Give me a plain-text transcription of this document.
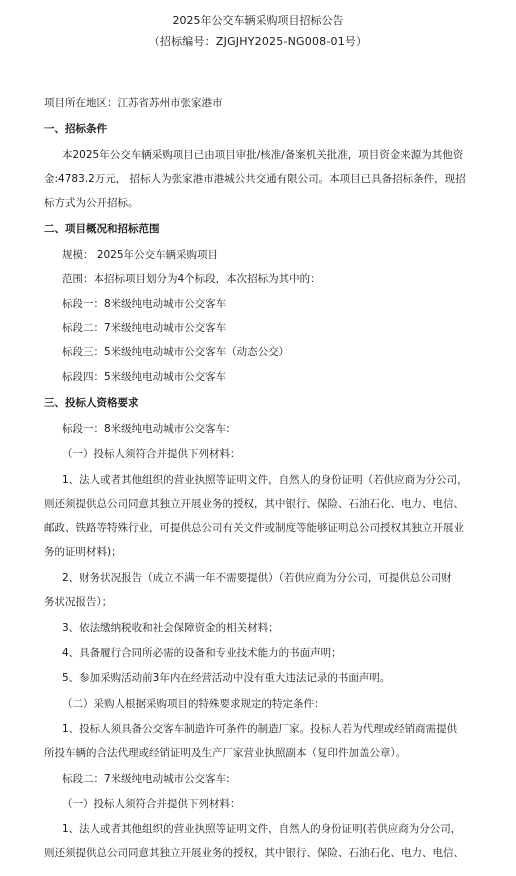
2025年公交车辆采购项目招标公告
（招标编号：ZJGJHY2025-NG008-01号）
项目所在地区：江苏省苏州市张家港市
一、招标条件
本2025年公交车辆采购项目已由项目审批/核准/备案机关批准，项目资金来源为其他资
金:4783.2万元， 招标人为张家港市港城公共交通有限公司。本项目已具备招标条件，现招
标方式为公开招标。
二、项目概况和招标范围
规模： 2025年公交车辆采购项目
范围：本招标项目划分为4个标段，本次招标为其中的：
标段一：8米级纯电动城市公交客车
标段二：7米级纯电动城市公交客车
标段三：5米级纯电动城市公交客车（动态公交）
标段四：5米级纯电动城市公交客车
三、投标人资格要求
标段一：8米级纯电动城市公交客车:
（一）投标人须符合并提供下列材料：
1、法人或者其他组织的营业执照等证明文件，自然人的身份证明（若供应商为分公司，
则还须提供总公司同意其独立开展业务的授权，其中银行、保险、石油石化、电力、电信、
邮政、铁路等特殊行业，可提供总公司有关文件或制度等能够证明总公司授权其独立开展业
务的证明材料)；
2、财务状况报告（成立不满一年不需要提供）（若供应商为分公司，可提供总公司财
务状况报告）；
3、依法缴纳税收和社会保障资金的相关材料；
4、具备履行合同所必需的设备和专业技术能力的书面声明；
5、参加采购活动前3年内在经营活动中没有重大违法记录的书面声明。
（二）采购人根据采购项目的特殊要求规定的特定条件：
1、投标人须具备公交客车制造许可条件的制造厂家。投标人若为代理或经销商需提供
所投车辆的合法代理或经销证明及生产厂家营业执照副本（复印件加盖公章）。
标段二：7米级纯电动城市公交客车:
（一）投标人须符合并提供下列材料：
1、法人或者其他组织的营业执照等证明文件，自然人的身份证明(若供应商为分公司，
则还须提供总公司同意其独立开展业务的授权，其中银行、保险、石油石化、电力、电信、
